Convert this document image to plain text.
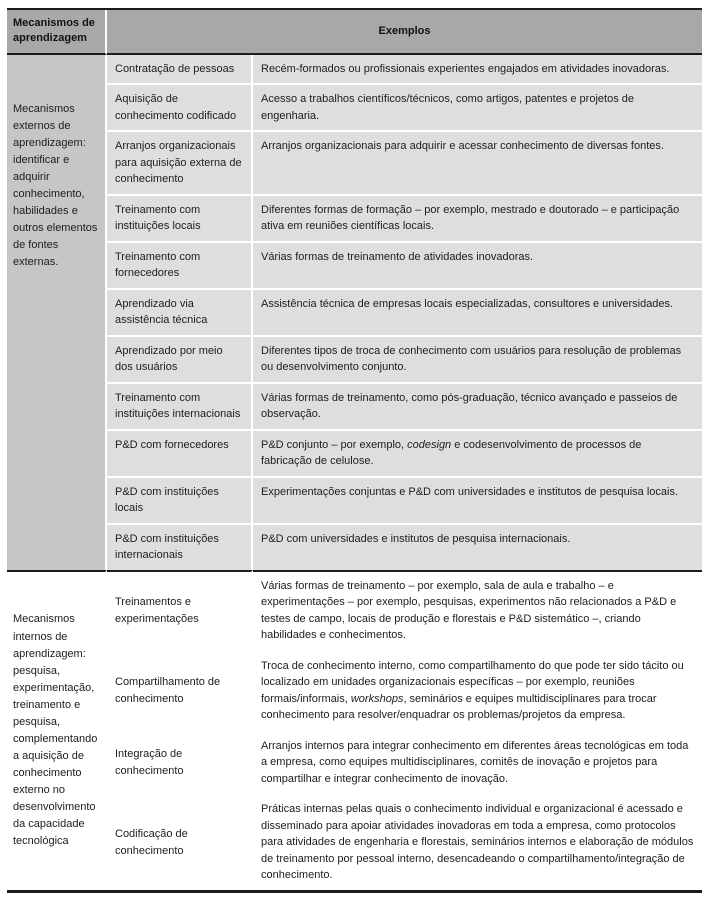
Mecanismos de aprendizagem	Exemplos	
Mecanismos externos de aprendizagem: identificar e adquirir conhecimento, habilidades e outros elementos de fontes externas.	Contratação de pessoas	Recém-formados ou profissionais experientes engajados em atividades inovadoras.
	Aquisição de conhecimento codificado	Acesso a trabalhos científicos/técnicos, como artigos, patentes e projetos de engenharia.
	Arranjos organizacionais para aquisição externa de conhecimento	Arranjos organizacionais para adquirir e acessar conhecimento de diversas fontes.
	Treinamento com instituições locais	Diferentes formas de formação – por exemplo, mestrado e doutorado – e participação ativa em reuniões científicas locais.
	Treinamento com fornecedores	Várias formas de treinamento de atividades inovadoras.
	Aprendizado via assistência técnica	Assistência técnica de empresas locais especializadas, consultores e universidades.
	Aprendizado por meio dos usuários	Diferentes tipos de troca de conhecimento com usuários para resolução de problemas ou desenvolvimento conjunto.
	Treinamento com instituições internacionais	Várias formas de treinamento, como pós-graduação, técnico avançado e passeios de observação.
	P&D com fornecedores	P&D conjunto – por exemplo, codesign e codesenvolvimento de processos de fabricação de celulose.
	P&D com instituições locais	Experimentações conjuntas e P&D com universidades e institutos de pesquisa locais.
	P&D com instituições internacionais	P&D com universidades e institutos de pesquisa internacionais.
Mecanismos internos de aprendizagem: pesquisa, experimentação, treinamento e pesquisa, complementando a aquisição de conhecimento externo no desenvolvimento da capacidade tecnológica	Treinamentos e experimentações	Várias formas de treinamento – por exemplo, sala de aula e trabalho – e experimentações – por exemplo, pesquisas, experimentos não relacionados a P&D e testes de campo, locais de produção e florestais e P&D sistemático –, criando habilidades e conhecimentos.
	Compartilhamento de conhecimento	Troca de conhecimento interno, como compartilhamento do que pode ter sido tácito ou localizado em unidades organizacionais específicas – por exemplo, reuniões formais/informais, workshops, seminários e equipes multidisciplinares para trocar conhecimento para resolver/enquadrar os problemas/projetos da empresa.
	Integração de conhecimento	Arranjos internos para integrar conhecimento em diferentes áreas tecnológicas em toda a empresa, como equipes multidisciplinares, comitês de inovação e projetos para compartilhar e integrar conhecimento de inovação.
	Codificação de conhecimento	Práticas internas pelas quais o conhecimento individual e organizacional é acessado e disseminado para apoiar atividades inovadoras em toda a empresa, como protocolos para atividades de engenharia e florestais, seminários internos e elaboração de módulos de treinamento por pessoal interno, desencadeando o compartilhamento/integração de conhecimento.
